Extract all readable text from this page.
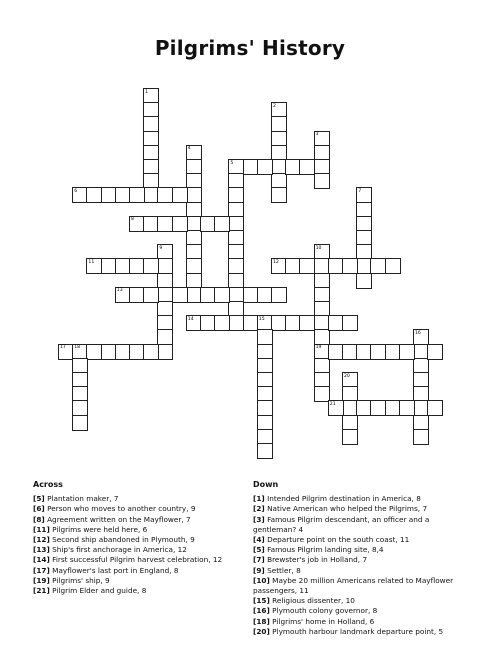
Pilgrims' History
1
2
3
4
5
6	7
8
9	10
19
11	12
13
14	15
16
17 18
20
21
Across
[5] Plantation maker, 7
[6] Person who moves to another country, 9
[8] Agreement written on the Mayflower, 7
[11] Pilgrims were held here, 6
[12] Second ship abandoned in Plymouth, 9
[13] Ship's first anchorage in America, 12
[14] First successful Pilgrim harvest celebration, 12
[17] Mayflower's last port in England, 8
[19] Pilgrims' ship, 9
[21] Pilgrim Elder and guide, 8
Down
[1] Intended Pilgrim destination in America, 8
[2] Native American who helped the Pilgrims, 7
[3] Famous Pilgrim descendant, an officer and a gentleman? 4
[4] Departure point on the south coast, 11
[5] Famous Pilgrim landing site, 8,4
[7] Brewster's job in Holland, 7
[9] Settler, 8
[10] Maybe 20 million Americans related to Mayflower passengers, 11
[15] Religious dissenter, 10
[16] Plymouth colony governor, 8
[18] Pilgrims' home in Holland, 6
[20] Plymouth harbour landmark departure point, 5
